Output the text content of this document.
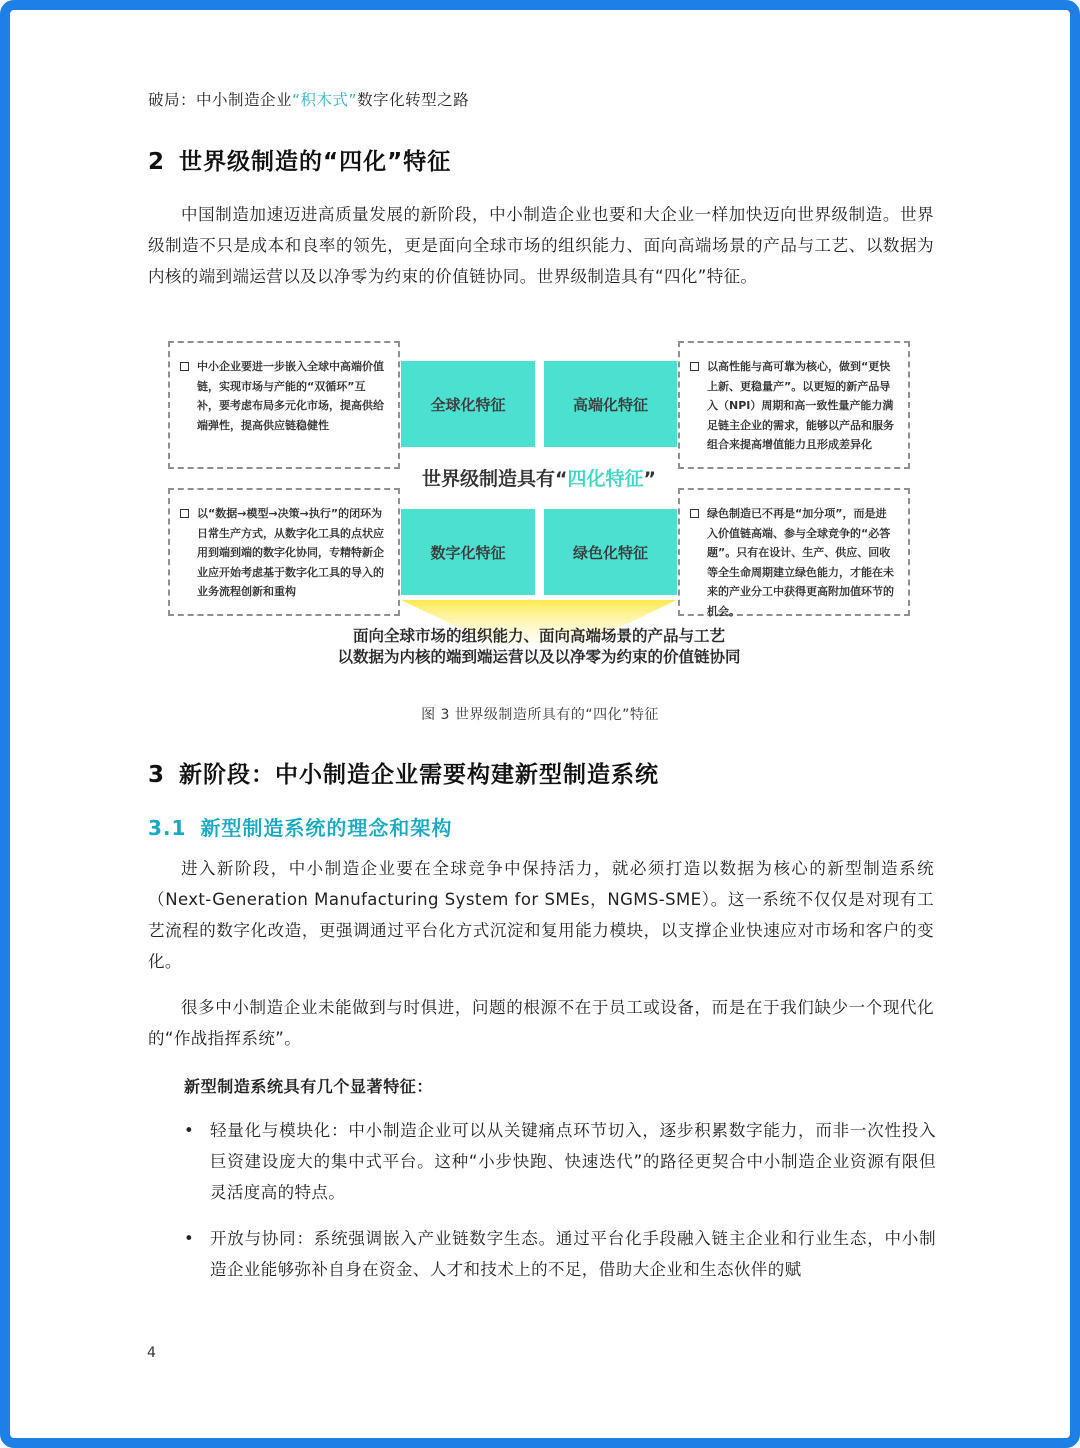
破局：中小制造企业“积木式”数字化转型之路
2 世界级制造的“四化”特征

中国制造加速迈进高质量发展的新阶段，中小制造企业也要和大企业一样加快迈向世界级制造。世界级制造不只是成本和良率的领先，更是面向全球市场的组织能力、面向高端场景的产品与工艺、以数据为内核的端到端运营以及以净零为约束的价值链协同。世界级制造具有“四化”特征。

中小企业要进一步嵌入全球中高端价值链，实现市场与产能的“双循环”互补，要考虑布局多元化市场，提高供给端弹性，提高供应链稳健性
以高性能与高可靠为核心，做到“更快上新、更稳量产”。以更短的新产品导入（NPI）周期和高一致性量产能力满足链主企业的需求，能够以产品和服务组合来提高增值能力且形成差异化
以“数据→模型→决策→执行”的闭环为日常生产方式，从数字化工具的点状应用到端到端的数字化协同，专精特新企业应开始考虑基于数字化工具的导入的业务流程创新和重构
绿色制造已不再是“加分项”，而是进入价值链高端、参与全球竞争的“必答题”。只有在设计、生产、供应、回收等全生命周期建立绿色能力，才能在未来的产业分工中获得更高附加值环节的机会。
全球化特征	高端化特征
数字化特征	绿色化特征
世界级制造具有“四化特征”
面向全球市场的组织能力、面向高端场景的产品与工艺
以数据为内核的端到端运营以及以净零为约束的价值链协同
图 3 世界级制造所具有的“四化”特征
3 新阶段：中小制造企业需要构建新型制造系统
3.1 新型制造系统的理念和架构

进入新阶段，中小制造企业要在全球竞争中保持活力，就必须打造以数据为核心的新型制造系统（Next-Generation Manufacturing System for SMEs，NGMS-SME）。这一系统不仅仅是对现有工艺流程的数字化改造，更强调通过平台化方式沉淀和复用能力模块，以支撑企业快速应对市场和客户的变化。

很多中小制造企业未能做到与时俱进，问题的根源不在于员工或设备，而是在于我们缺少一个现代化的“作战指挥系统”。

新型制造系统具有几个显著特征：
• 轻量化与模块化：中小制造企业可以从关键痛点环节切入，逐步积累数字能力，而非一次性投入巨资建设庞大的集中式平台。这种“小步快跑、快速迭代”的路径更契合中小制造企业资源有限但灵活度高的特点。
• 开放与协同：系统强调嵌入产业链数字生态。通过平台化手段融入链主企业和行业生态，中小制造企业能够弥补自身在资金、人才和技术上的不足，借助大企业和生态伙伴的赋
4
